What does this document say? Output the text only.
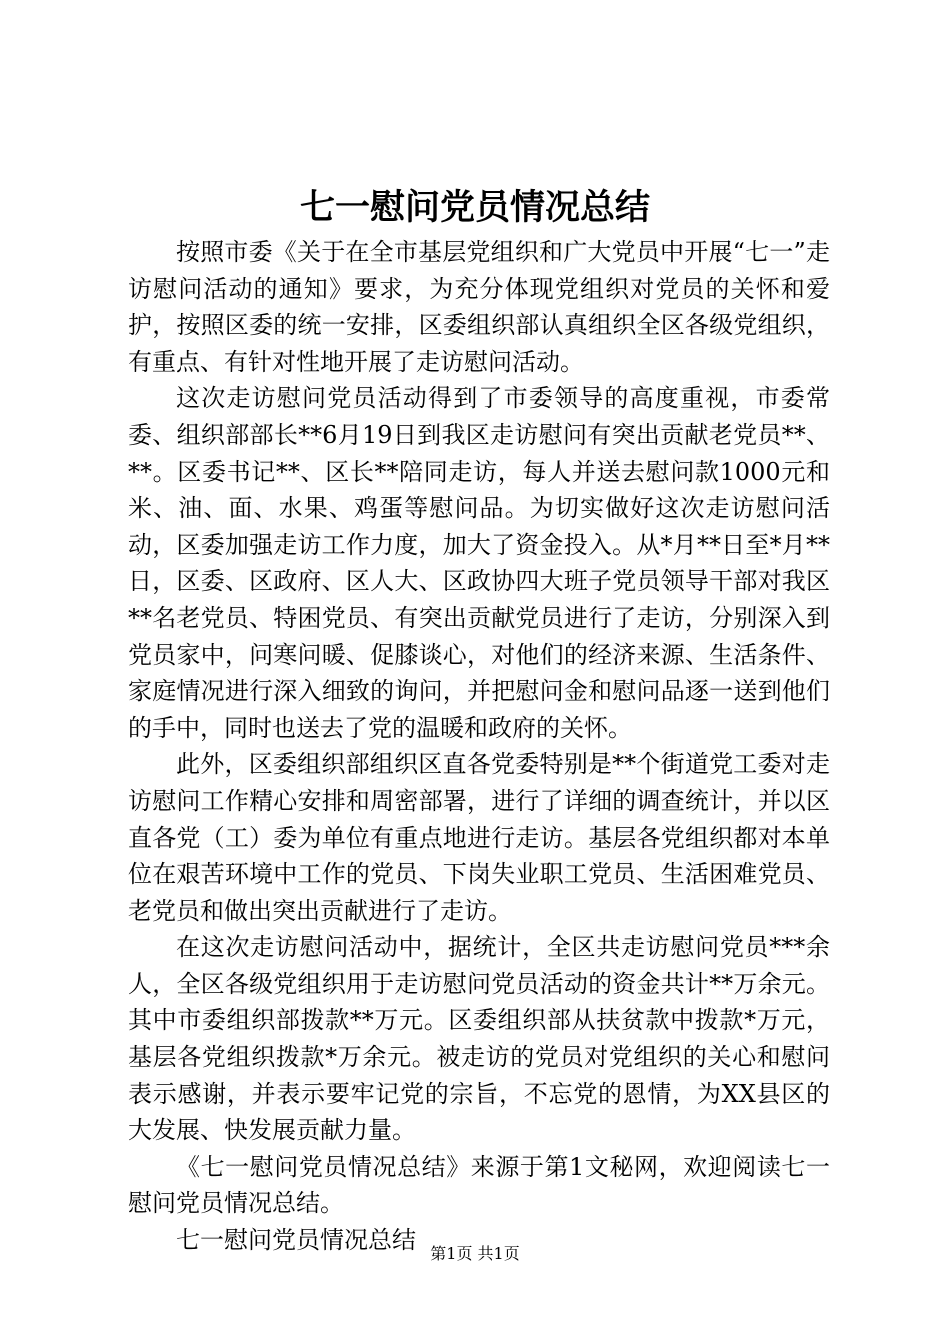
七一慰问党员情况总结

按照市委《关于在全市基层党组织和广大党员中开展“七一”走访慰问活动的通知》要求，为充分体现党组织对党员的关怀和爱护，按照区委的统一安排，区委组织部认真组织全区各级党组织，有重点、有针对性地开展了走访慰问活动。

这次走访慰问党员活动得到了市委领导的高度重视，市委常委、组织部部长**6月19日到我区走访慰问有突出贡献老党员**、**。区委书记**、区长**陪同走访，每人并送去慰问款1000元和米、油、面、水果、鸡蛋等慰问品。为切实做好这次走访慰问活动，区委加强走访工作力度，加大了资金投入。从*月**日至*月**日，区委、区政府、区人大、区政协四大班子党员领导干部对我区**名老党员、特困党员、有突出贡献党员进行了走访，分别深入到党员家中，问寒问暖、促膝谈心，对他们的经济来源、生活条件、家庭情况进行深入细致的询问，并把慰问金和慰问品逐一送到他们的手中，同时也送去了党的温暖和政府的关怀。

此外，区委组织部组织区直各党委特别是**个街道党工委对走访慰问工作精心安排和周密部署，进行了详细的调查统计，并以区直各党（工）委为单位有重点地进行走访。基层各党组织都对本单位在艰苦环境中工作的党员、下岗失业职工党员、生活困难党员、老党员和做出突出贡献进行了走访。

在这次走访慰问活动中，据统计，全区共走访慰问党员***余人，全区各级党组织用于走访慰问党员活动的资金共计**万余元。其中市委组织部拨款**万元。区委组织部从扶贫款中拨款*万元，基层各党组织拨款*万余元。被走访的党员对党组织的关心和慰问表示感谢，并表示要牢记党的宗旨，不忘党的恩情，为XX县区的大发展、快发展贡献力量。

《七一慰问党员情况总结》来源于第1文秘网，欢迎阅读七一慰问党员情况总结。

七一慰问党员情况总结 第1页 共1页
